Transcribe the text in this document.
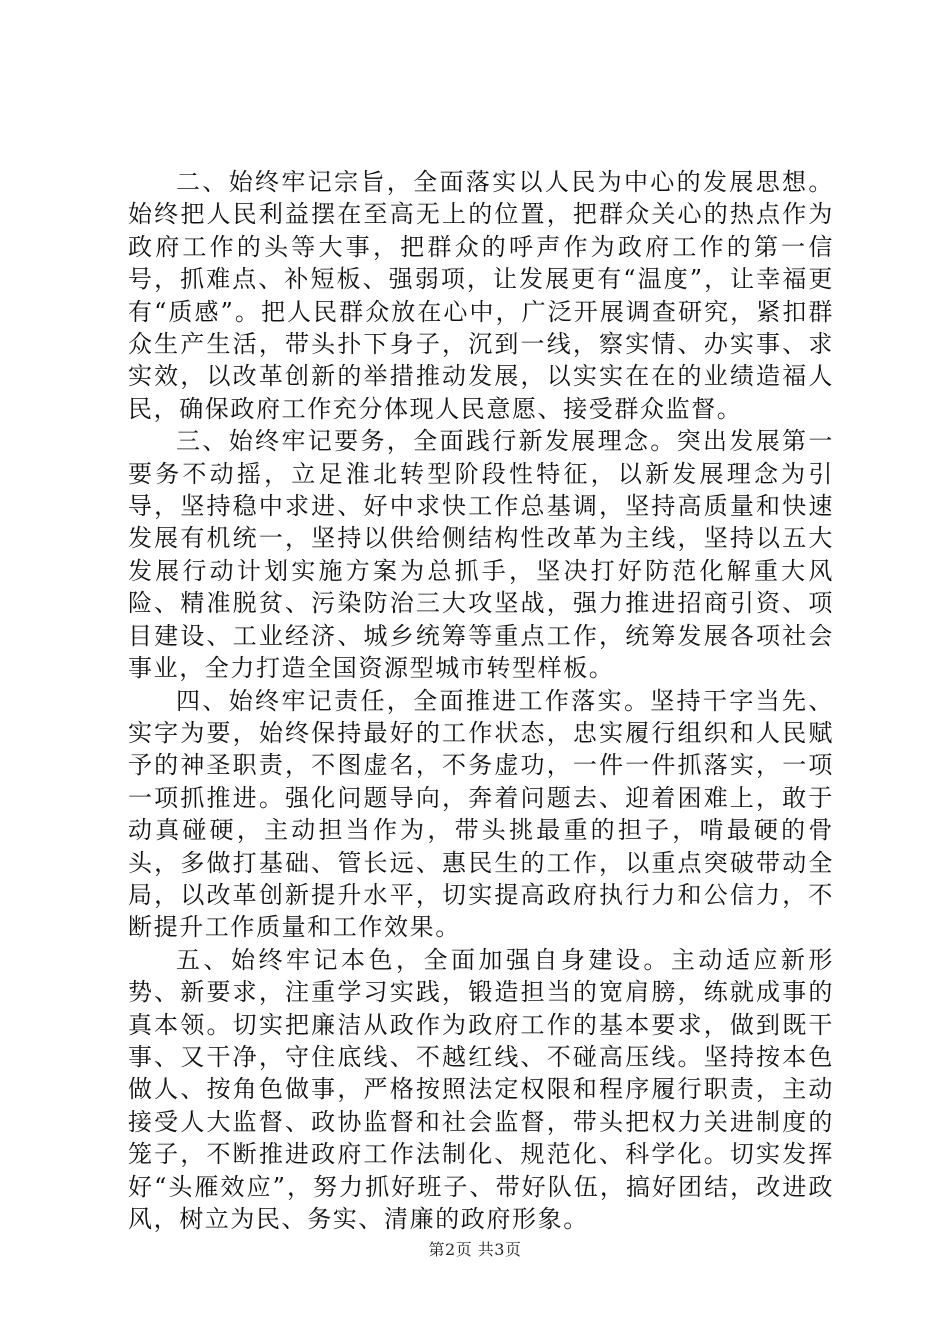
二、始终牢记宗旨，全面落实以人民为中心的发展思想。始终把人民利益摆在至高无上的位置，把群众关心的热点作为政府工作的头等大事，把群众的呼声作为政府工作的第一信号，抓难点、补短板、强弱项，让发展更有“温度”，让幸福更有“质感”。把人民群众放在心中，广泛开展调查研究，紧扣群众生产生活，带头扑下身子，沉到一线，察实情、办实事、求实效，以改革创新的举措推动发展，以实实在在的业绩造福人民，确保政府工作充分体现人民意愿、接受群众监督。

三、始终牢记要务，全面践行新发展理念。突出发展第一要务不动摇，立足淮北转型阶段性特征，以新发展理念为引导，坚持稳中求进、好中求快工作总基调，坚持高质量和快速发展有机统一，坚持以供给侧结构性改革为主线，坚持以五大发展行动计划实施方案为总抓手，坚决打好防范化解重大风险、精准脱贫、污染防治三大攻坚战，强力推进招商引资、项目建设、工业经济、城乡统筹等重点工作，统筹发展各项社会事业，全力打造全国资源型城市转型样板。

四、始终牢记责任，全面推进工作落实。坚持干字当先、实字为要，始终保持最好的工作状态，忠实履行组织和人民赋予的神圣职责，不图虚名，不务虚功，一件一件抓落实，一项一项抓推进。强化问题导向，奔着问题去、迎着困难上，敢于动真碰硬，主动担当作为，带头挑最重的担子，啃最硬的骨头，多做打基础、管长远、惠民生的工作，以重点突破带动全局，以改革创新提升水平，切实提高政府执行力和公信力，不断提升工作质量和工作效果。

五、始终牢记本色，全面加强自身建设。主动适应新形势、新要求，注重学习实践，锻造担当的宽肩膀，练就成事的真本领。切实把廉洁从政作为政府工作的基本要求，做到既干事、又干净，守住底线、不越红线、不碰高压线。坚持按本色做人、按角色做事，严格按照法定权限和程序履行职责，主动接受人大监督、政协监督和社会监督，带头把权力关进制度的笼子，不断推进政府工作法制化、规范化、科学化。切实发挥好“头雁效应”，努力抓好班子、带好队伍，搞好团结，改进政风，树立为民、务实、清廉的政府形象。

第2页 共3页
